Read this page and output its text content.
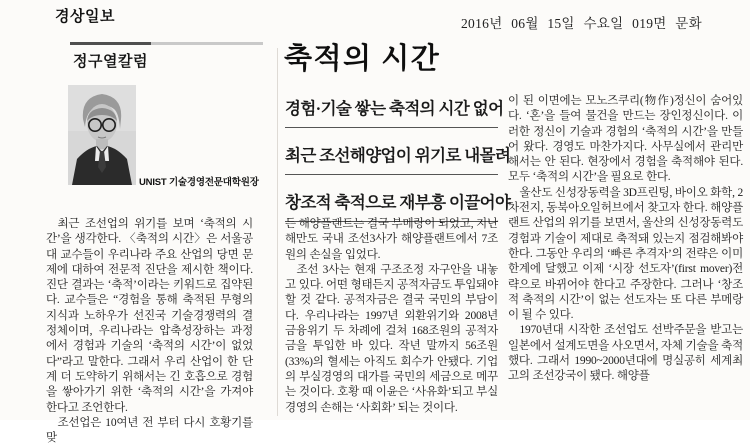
경상일보	2016년 06월 15일 수요일 019면 문화
정구열칼럼
UNIST 기술경영전문대학원장
축적의 시간
경험·기술 쌓는 축적의 시간 없어
최근 조선해양업이 위기로 내몰려
창조적 축적으로 재부흥 이끌어야

최근 조선업의 위기를 보며 ‘축적의 시간’을 생각한다. 〈축적의 시간〉은 서울공대 교수들이 우리나라 주요 산업의 당면 문제에 대하여 전문적 진단을 제시한 책이다. 진단 결과는 ‘축적’이라는 키워드로 집약된다. 교수들은 “경험을 통해 축적된 무형의 지식과 노하우가 선진국 기술경쟁력의 결정체이며, 우리나라는 압축성장하는 과정에서 경험과 기술의 ‘축적의 시간’이 없었다”라고 말한다. 그래서 우리 산업이 한 단계 더 도약하기 위해서는 긴 호흡으로 경험을 쌓아가기 위한 ‘축적의 시간’을 가져야 한다고 조언한다.

조선업은 10여년 전 부터 다시 호황기를 맞

든 해양플랜트는 결국 부메랑이 되었고, 지난해만도 국내 조선3사가 해양플랜트에서 7조원의 손실을 입었다.

조선 3사는 현재 구조조정 자구안을 내놓고 있다. 어떤 형태든지 공적자금도 투입돼야 할 것 같다. 공적자금은 결국 국민의 부담이다. 우리나라는 1997년 외환위기와 2008년 금융위기 두 차례에 걸쳐 168조원의 공적자금을 투입한 바 있다. 작년 말까지 56조원(33%)의 혈세는 아직도 회수가 안됐다. 기업의 부실경영의 대가를 국민의 세금으로 메꾸는 것이다. 호황 때 이윤은 ‘사유화’되고 부실경영의 손해는 ‘사회화’ 되는 것이다.

이 된 이면에는 모노즈쿠리(物作)정신이 숨어있다. ‘혼’을 들여 물건을 만드는 장인정신이다. 이러한 정신이 기술과 경험의 ‘축적의 시간’을 만들어 왔다. 경영도 마찬가지다. 사무실에서 관리만 해서는 안 된다. 현장에서 경험을 축적해야 된다. 모두 ‘축적의 시간’을 필요로 한다.

울산도 신성장동력을 3D프린팅, 바이오 화학, 2차전지, 동북아오일허브에서 찾고자 한다. 해양플랜트 산업의 위기를 보면서, 울산의 신성장동력도 경험과 기술이 제대로 축적돼 있는지 점검해봐야 한다. 그동안 우리의 ‘빠른 추격자’의 전략은 이미 한계에 달했고 이제 ‘시장 선도자’(first mover)전략으로 바뀌어야 한다고 주장한다. 그러나 ‘창조적 축적의 시간’이 없는 선도자는 또 다른 부메랑이 될 수 있다.

1970년대 시작한 조선업도 선박주문을 받고는 일본에서 설계도면을 사오면서, 자체 기술을 축적했다. 그래서 1990~2000년대에 명실공히 세계최고의 조선강국이 됐다. 해양플
